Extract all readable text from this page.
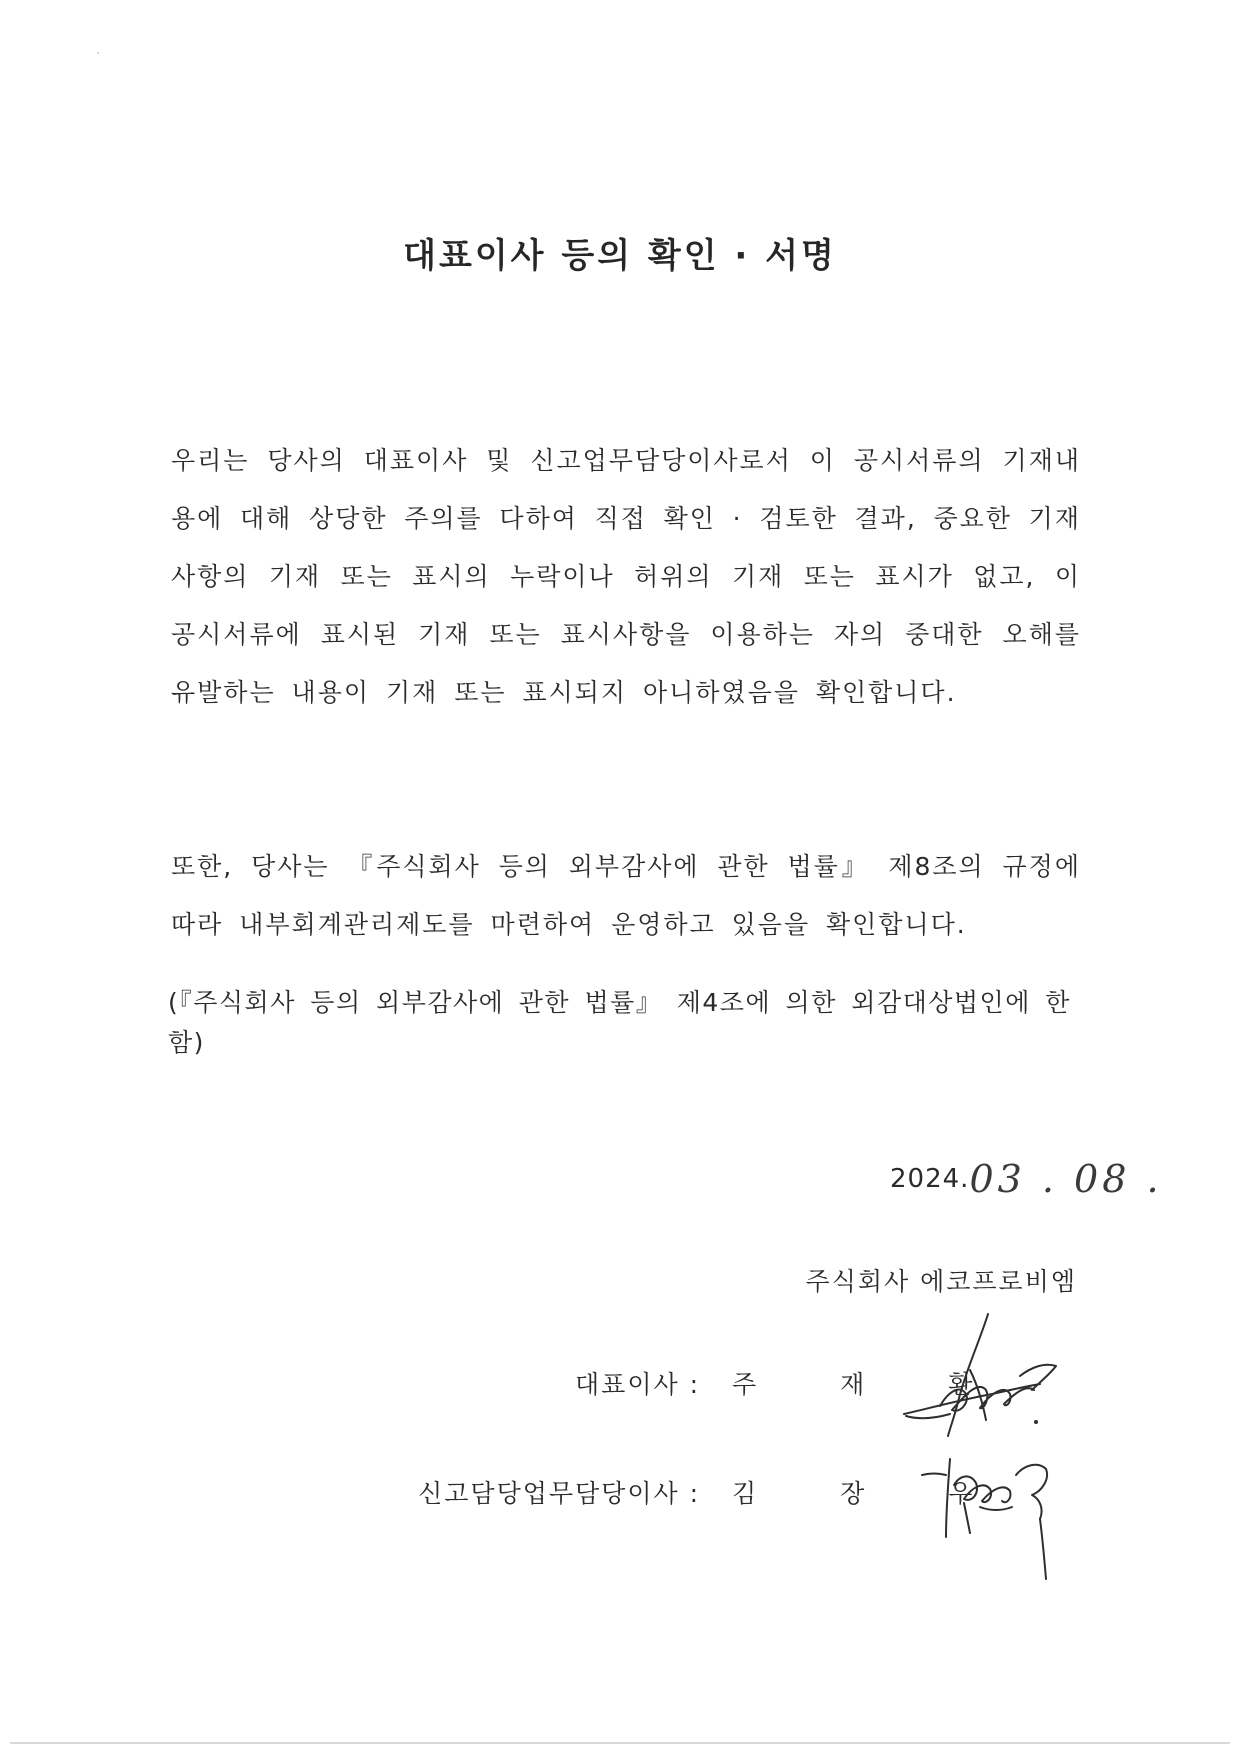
대표이사 등의 확인 · 서명

우리는 당사의 대표이사 및 신고업무담당이사로서 이 공시서류의 기재내용에 대해 상당한 주의를 다하여 직접 확인 · 검토한 결과, 중요한 기재사항의 기재 또는 표시의 누락이나 허위의 기재 또는 표시가 없고, 이 공시서류에 표시된 기재 또는 표시사항을 이용하는 자의 중대한 오해를 유발하는 내용이 기재 또는 표시되지 아니하였음을 확인합니다.

또한, 당사는 『주식회사 등의 외부감사에 관한 법률』 제8조의 규정에 따라 내부회계관리제도를 마련하여 운영하고 있음을 확인합니다.

(『주식회사 등의 외부감사에 관한 법률』 제4조에 의한 외감대상법인에 한함)
2024.03 . 08 .
주식회사 에코프로비엠
대표이사 : 주 재 환
신고담당업무담당이사 : 김 장 우
